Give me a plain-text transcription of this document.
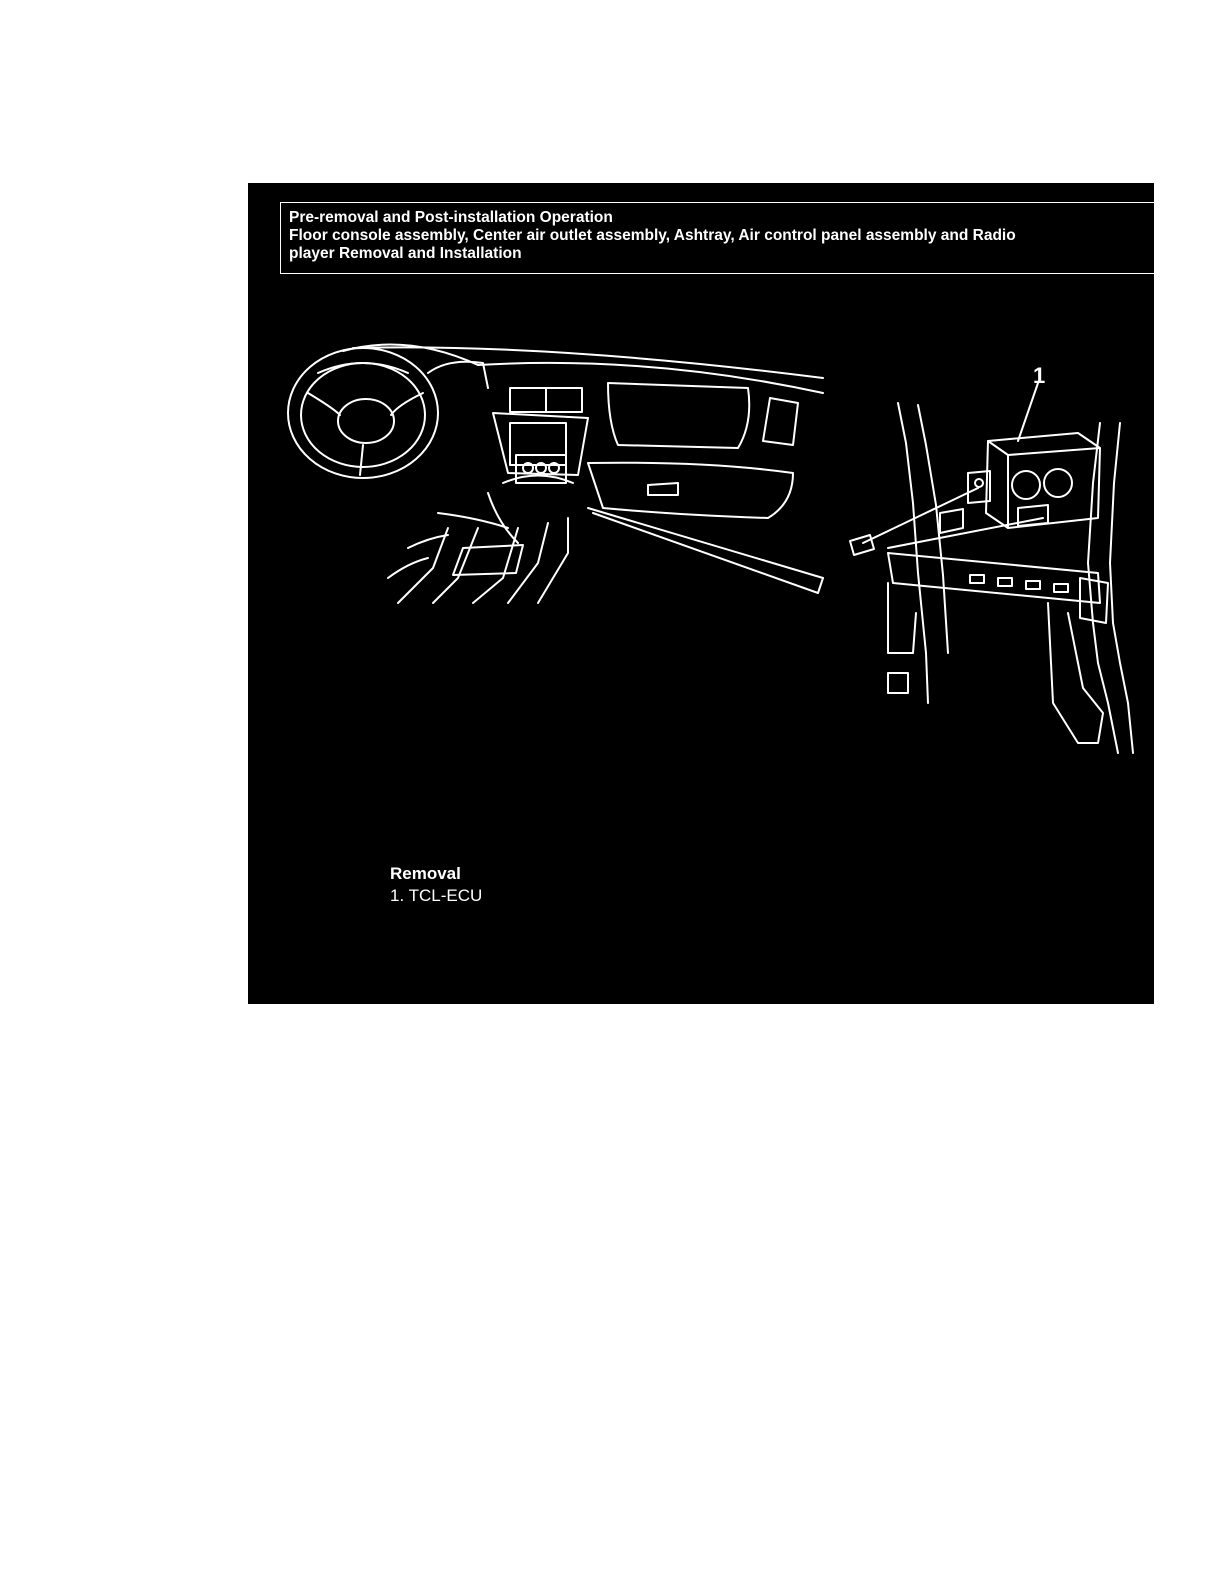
Pre-removal and Post-installation Operation
Floor console assembly, Center air outlet assembly, Ashtray, Air control panel assembly and Radio
player Removal and Installation
1
Removal
1. TCL-ECU
